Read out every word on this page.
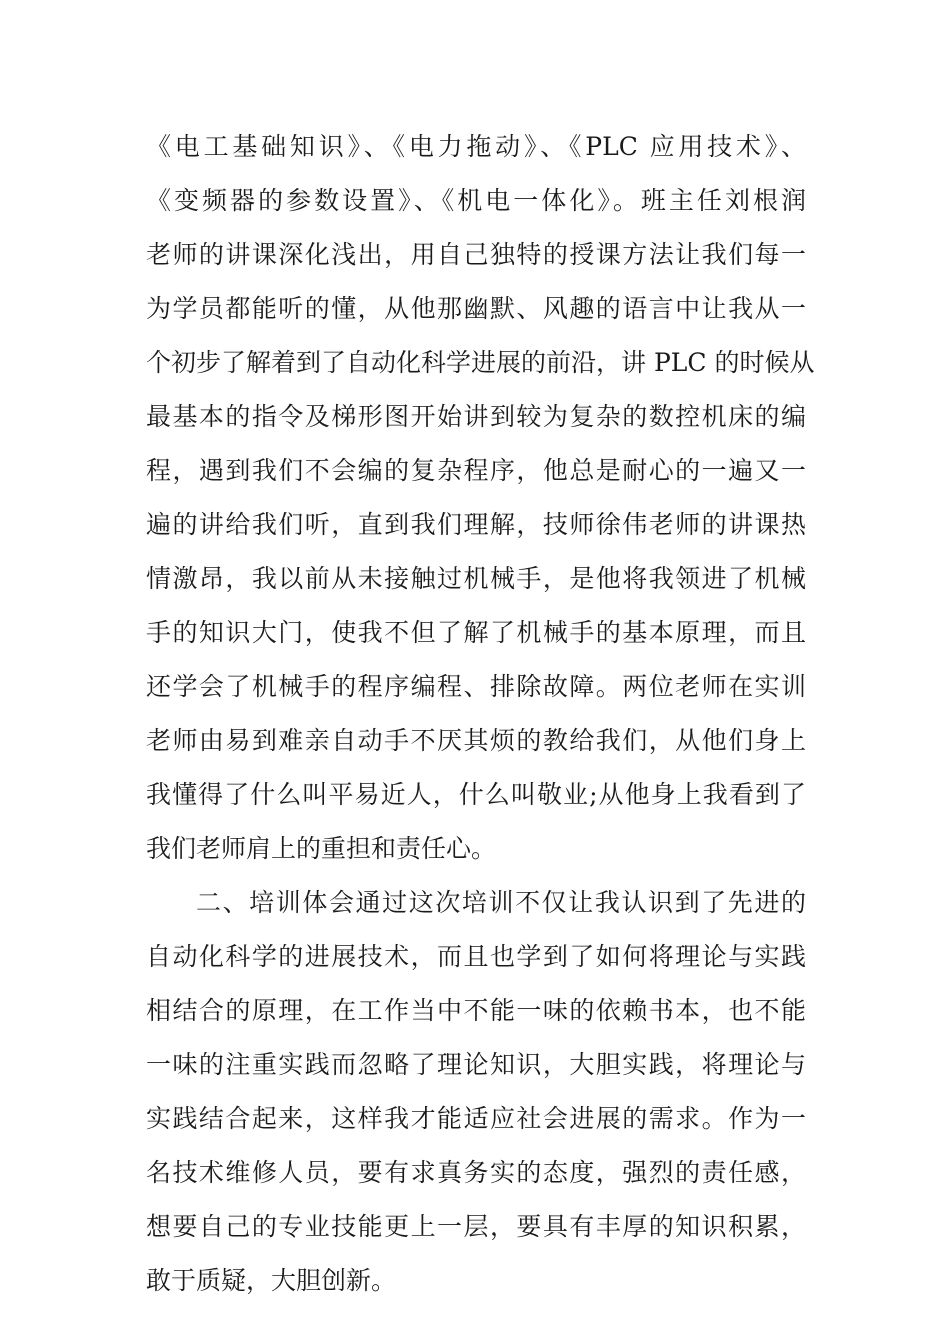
《电工基础知识》、《电力拖动》、《PLC 应用技术》、
《变频器的参数设置》、《机电一体化》。班主任刘根润
老师的讲课深化浅出，用自己独特的授课方法让我们每一
为学员都能听的懂，从他那幽默、风趣的语言中让我从一
个初步了解着到了自动化科学进展的前沿，讲 PLC 的时候从
最基本的指令及梯形图开始讲到较为复杂的数控机床的编
程，遇到我们不会编的复杂程序，他总是耐心的一遍又一
遍的讲给我们听，直到我们理解，技师徐伟老师的讲课热
情激昂，我以前从未接触过机械手，是他将我领进了机械
手的知识大门，使我不但了解了机械手的基本原理，而且
还学会了机械手的程序编程、排除故障。两位老师在实训
老师由易到难亲自动手不厌其烦的教给我们，从他们身上
我懂得了什么叫平易近人，什么叫敬业;从他身上我看到了
我们老师肩上的重担和责任心。
二、培训体会通过这次培训不仅让我认识到了先进的
自动化科学的进展技术，而且也学到了如何将理论与实践
相结合的原理，在工作当中不能一味的依赖书本，也不能
一味的注重实践而忽略了理论知识，大胆实践，将理论与
实践结合起来，这样我才能适应社会进展的需求。作为一
名技术维修人员，要有求真务实的态度，强烈的责任感，
想要自己的专业技能更上一层，要具有丰厚的知识积累，
敢于质疑，大胆创新。
